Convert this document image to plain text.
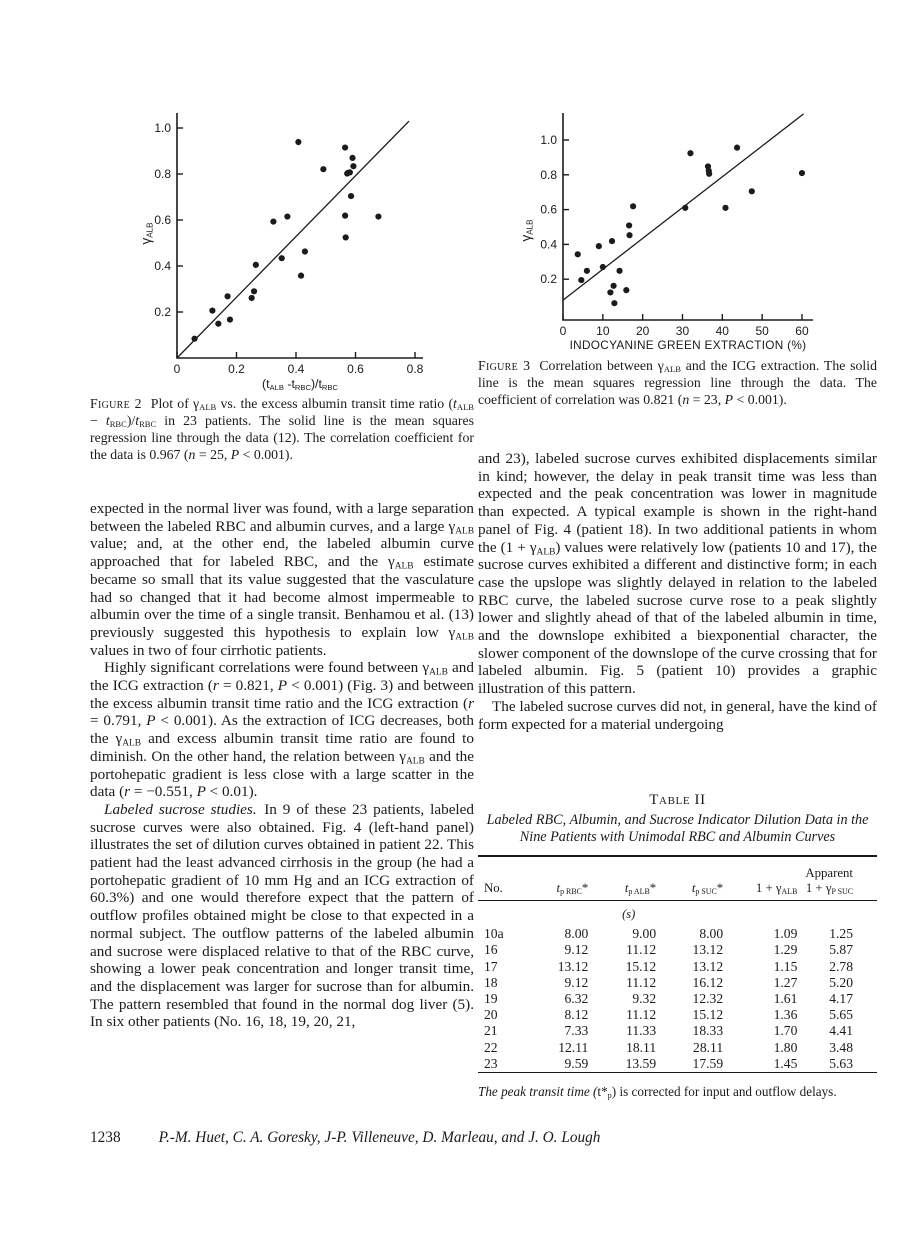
0	0.2	0.4	0.6	0.8
0.2
0.4
0.6
0.8
1.0
$\gamma_{ALB}$
($t_{ALB}$ $-t_{RBC})/t_{RBC}$
Figure 2 Plot of $\gamma_{ALB}$ vs. the excess albumin transit time ratio $(t_{ALB} - t_{RBC})/t_{RBC}$ in 23 patients. The solid line is the mean squares regression line through the data (12). The correlation coefficient for the data is 0.967 (n = 25, P < 0.001).
0 10 20 30 40 50 60
0.2
0.4
0.6
0.8
1.0
$\gamma_{ALB}$
INDOCYANINE GREEN EXTRACTION (%)
Figure 3 Correlation between $\gamma_{ALB}$ and the ICG extraction. The solid line is the mean squares regression line through the data. The coefficient of correlation was 0.821 (n = 23, P < 0.001).

expected in the normal liver was found, with a large separation between the labeled RBC and albumin curves, and a large $\gamma_{ALB}$ value; and, at the other end, the labeled albumin curve approached that for labeled RBC, and the $\gamma_{ALB}$ estimate became so small that its value suggested that the vasculature had so changed that it had become almost impermeable to albumin over the time of a single transit. Benhamou et al. (13) previously suggested this hypothesis to explain low $\gamma_{ALB}$ values in two of four cirrhotic patients.

Highly significant correlations were found between $\gamma_{ALB}$ and the ICG extraction (r = 0.821, P < 0.001) (Fig. 3) and between the excess albumin transit time ratio and the ICG extraction (r = 0.791, P < 0.001). As the extraction of ICG decreases, both the $\gamma_{ALB}$ and excess albumin transit time ratio are found to diminish. On the other hand, the relation between $\gamma_{ALB}$ and the portohepatic gradient is less close with a large scatter in the data (r = −0.551, P < 0.01).

Labeled sucrose studies. In 9 of these 23 patients, labeled sucrose curves were also obtained. Fig. 4 (left-hand panel) illustrates the set of dilution curves obtained in patient 22. This patient had the least advanced cirrhosis in the group (he had a portohepatic gradient of 10 mm Hg and an ICG extraction of 60.3%) and one would therefore expect that the pattern of outflow profiles obtained might be close to that expected in a normal subject. The outflow patterns of the labeled albumin and sucrose were displaced relative to that of the RBC curve, showing a lower peak concentration and longer transit time, and the displacement was larger for sucrose than for albumin. The pattern resembled that found in the normal dog liver (5). In six other patients (No. 16, 18, 19, 20, 21,

and 23), labeled sucrose curves exhibited displacements similar in kind; however, the delay in peak transit time was less than expected and the peak concentration was lower in magnitude than expected. A typical example is shown in the right-hand panel of Fig. 4 (patient 18). In two additional patients in whom the $(1 + \gamma_{ALB})$ values were relatively low (patients 10 and 17), the sucrose curves exhibited a different and distinctive form; in each case the upslope was slightly delayed in relation to the labeled RBC curve, the labeled sucrose curve rose to a peak slightly lower and slightly ahead of that of the labeled albumin in time, and the downslope exhibited a biexponential character, the slower component of the downslope of the curve crossing that for labeled albumin. Fig. 5 (patient 10) provides a graphic illustration of this pattern.

The labeled sucrose curves did not, in general, have the kind of form expected for a material undergoing

Table II
Labeled RBC, Albumin, and Sucrose Indicator Dilution Data in the Nine Patients with Unimodal RBC and Albumin Curves
No.	$t_{p RBC}*$	$t_{p ALB}*$	$t_{p SUC}*$	$1 + \gamma_{ALB}$	Apparent
$1 + \gamma_{P SUC}$

		(s)			
10a	8.00	9.00	8.00	1.09	1.25
16	9.12	11.12	13.12	1.29	5.87
17	13.12	15.12	13.12	1.15	2.78
18	9.12	11.12	16.12	1.27	5.20
19	6.32	9.32	12.32	1.61	4.17
20	8.12	11.12	15.12	1.36	5.65
21	7.33	11.33	18.33	1.70	4.41
22	12.11	18.11	28.11	1.80	3.48
23	9.59	13.59	17.59	1.45	5.63
The peak transit time $(t*_p)$ is corrected for input and outflow delays.
1238 P.-M. Huet, C. A. Goresky, J-P. Villeneuve, D. Marleau, and J. O. Lough
